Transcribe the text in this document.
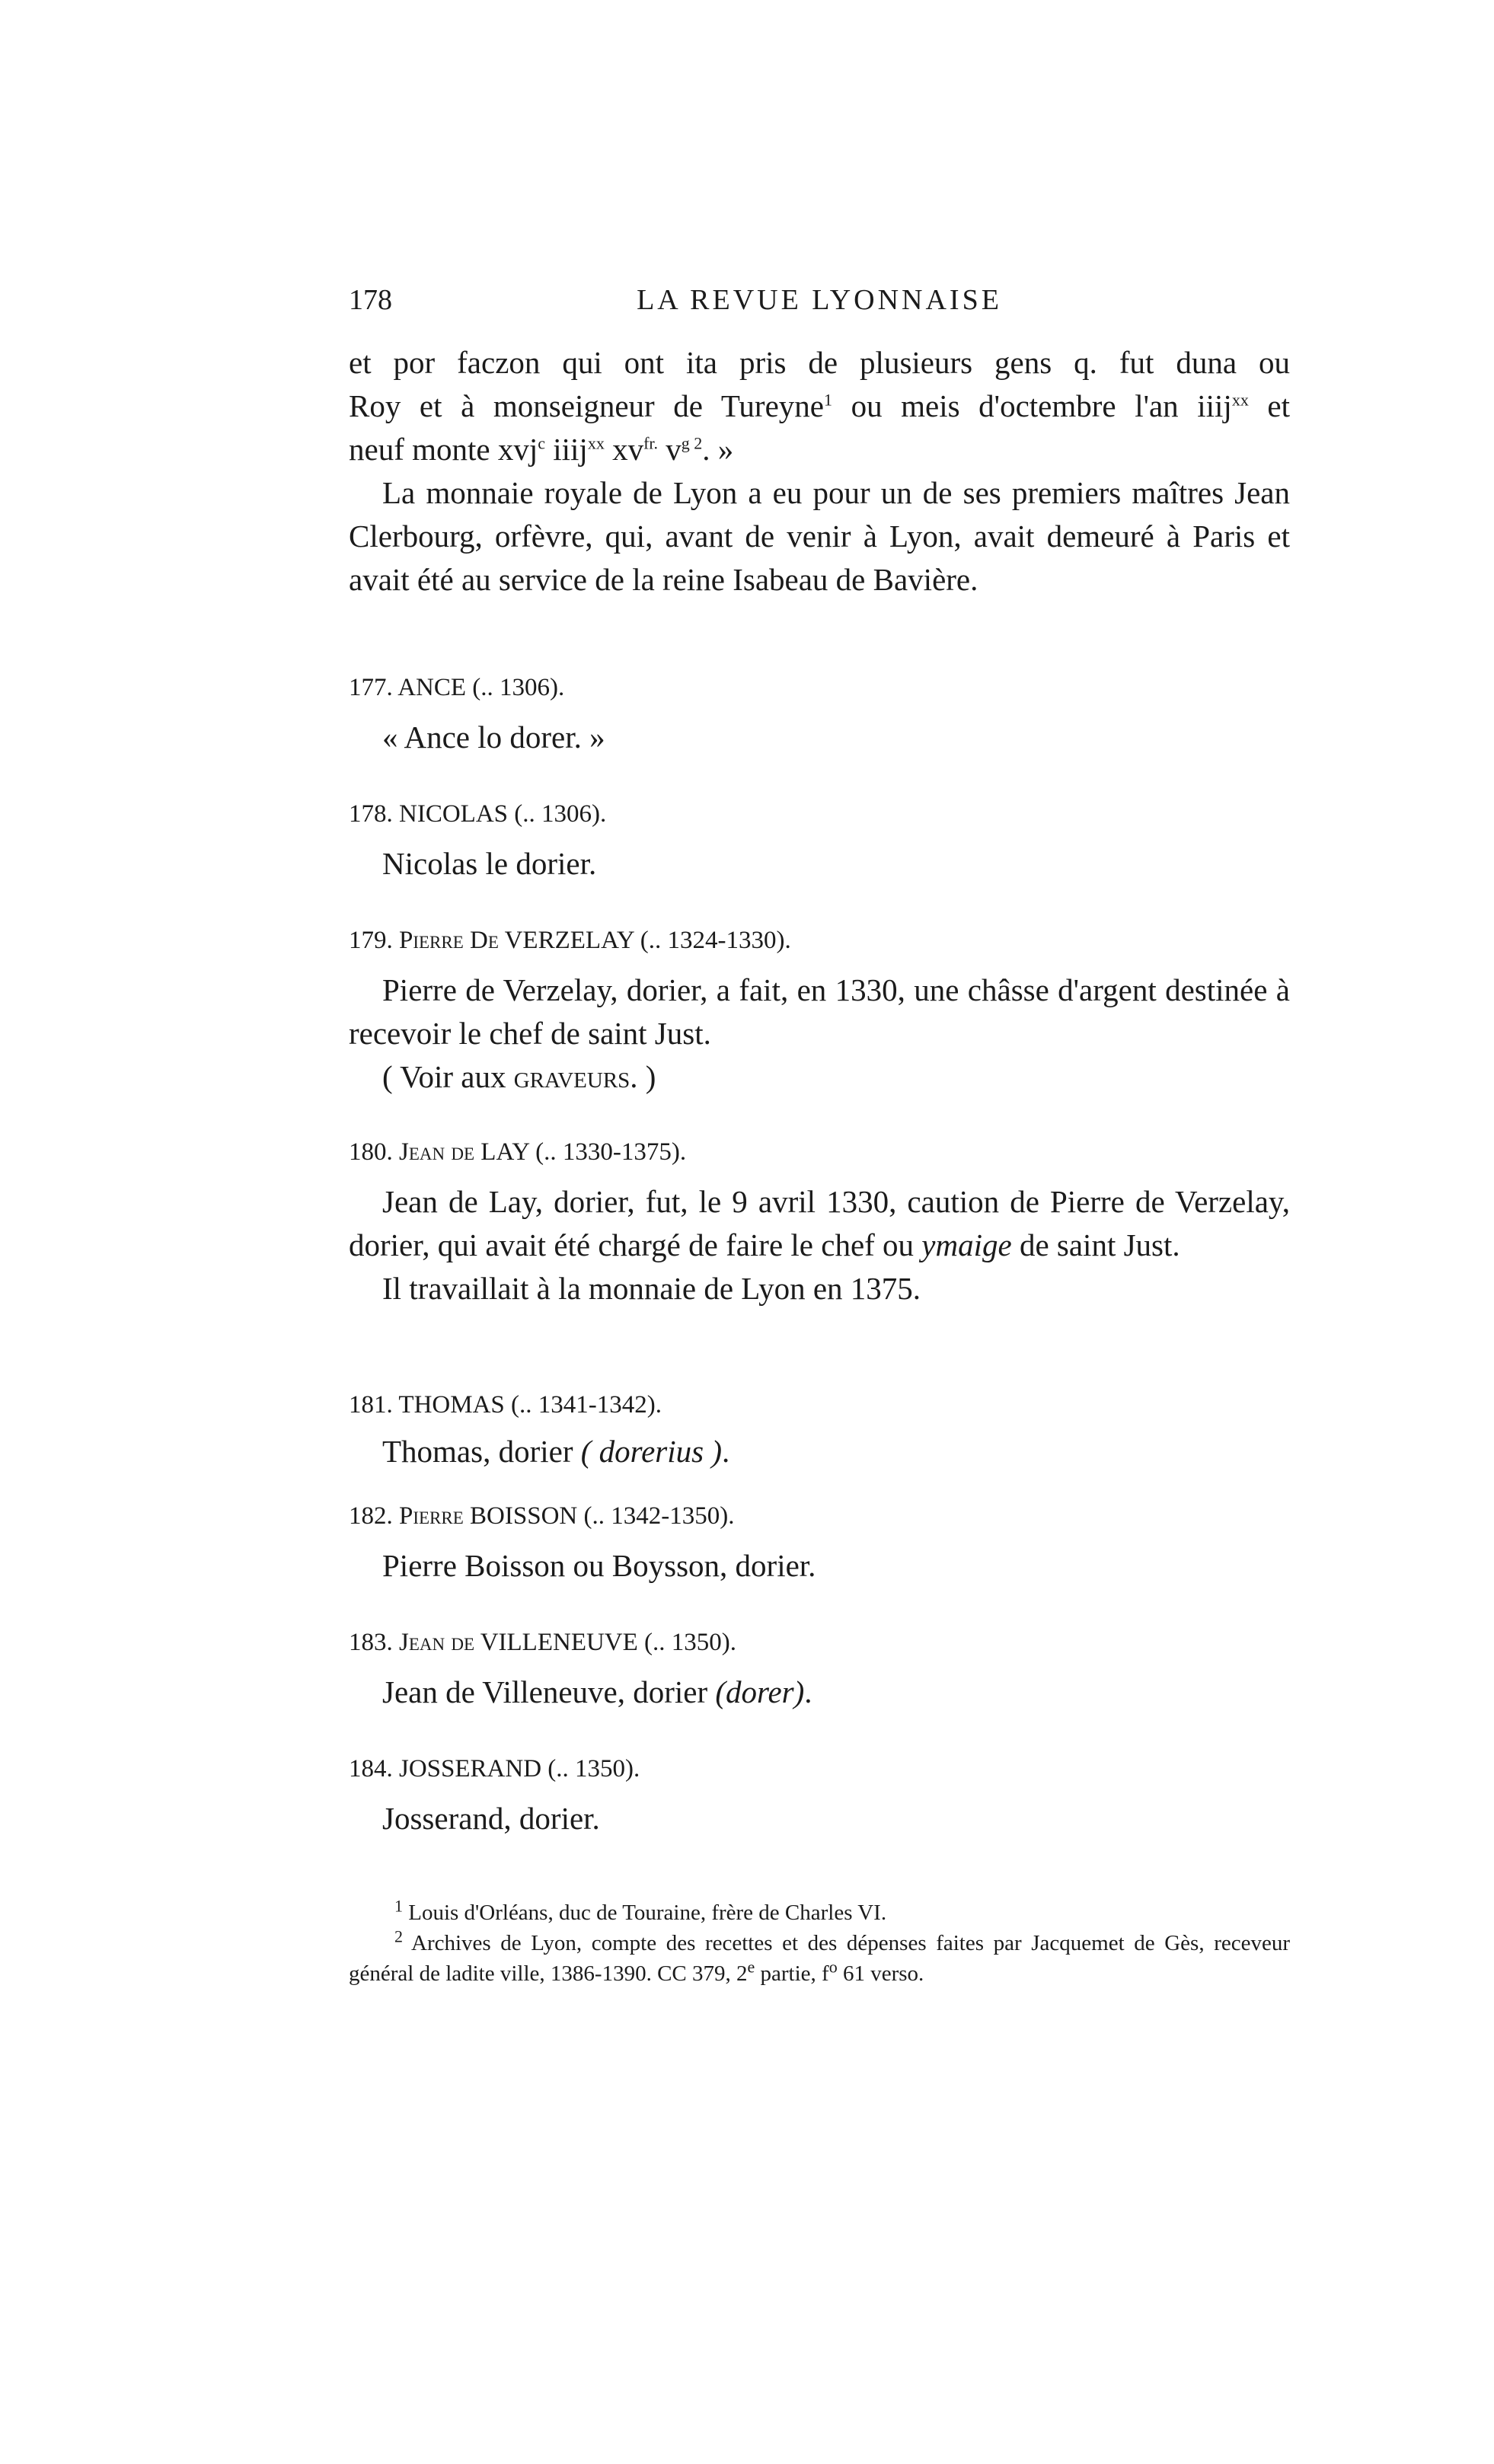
178	LA REVUE LYONNAISE

et por faczon qui ont ita pris de plusieurs gens q. fut duna ou

Roy et à monseigneur de Tureyne$^1$ ou meis d'octembre l'an iiij$^{xx}$ et

neuf monte xvj$^c$ iiij$^{xx}$ $xv^{fr.}$ $v^{g 2}$. »

La monnaie royale de Lyon a eu pour un de ses premiers maîtres Jean Clerbourg, orfèvre, qui, avant de venir à Lyon, avait demeuré à Paris et avait été au service de la reine Isabeau de Bavière.

177. ANCE (.. 1306).

« Ance lo dorer. »

178. NICOLAS (.. 1306).

Nicolas le dorier.

179. Pierre De VERZELAY (.. 1324-1330).

Pierre de Verzelay, dorier, a fait, en 1330, une châsse d'argent destinée à recevoir le chef de saint Just.

( Voir aux graveurs. )

180. Jean de LAY (.. 1330-1375).

Jean de Lay, dorier, fut, le 9 avril 1330, caution de Pierre de Verzelay, dorier, qui avait été chargé de faire le chef ou ymaige de saint Just.

Il travaillait à la monnaie de Lyon en 1375.

181. THOMAS (.. 1341-1342).

Thomas, dorier ( dorerius ).

182. Pierre BOISSON (.. 1342-1350).

Pierre Boisson ou Boysson, dorier.

183. Jean de VILLENEUVE (.. 1350).

Jean de Villeneuve, dorier (dorer).

184. JOSSERAND (.. 1350).

Josserand, dorier.

$^1$ Louis d'Orléans, duc de Touraine, frère de Charles VI.

$^2$ Archives de Lyon, compte des recettes et des dépenses faites par Jacquemet de Gès, receveur général de ladite ville, 1386-1390. CC 379, 2e partie, $f^o$ 61 verso.
